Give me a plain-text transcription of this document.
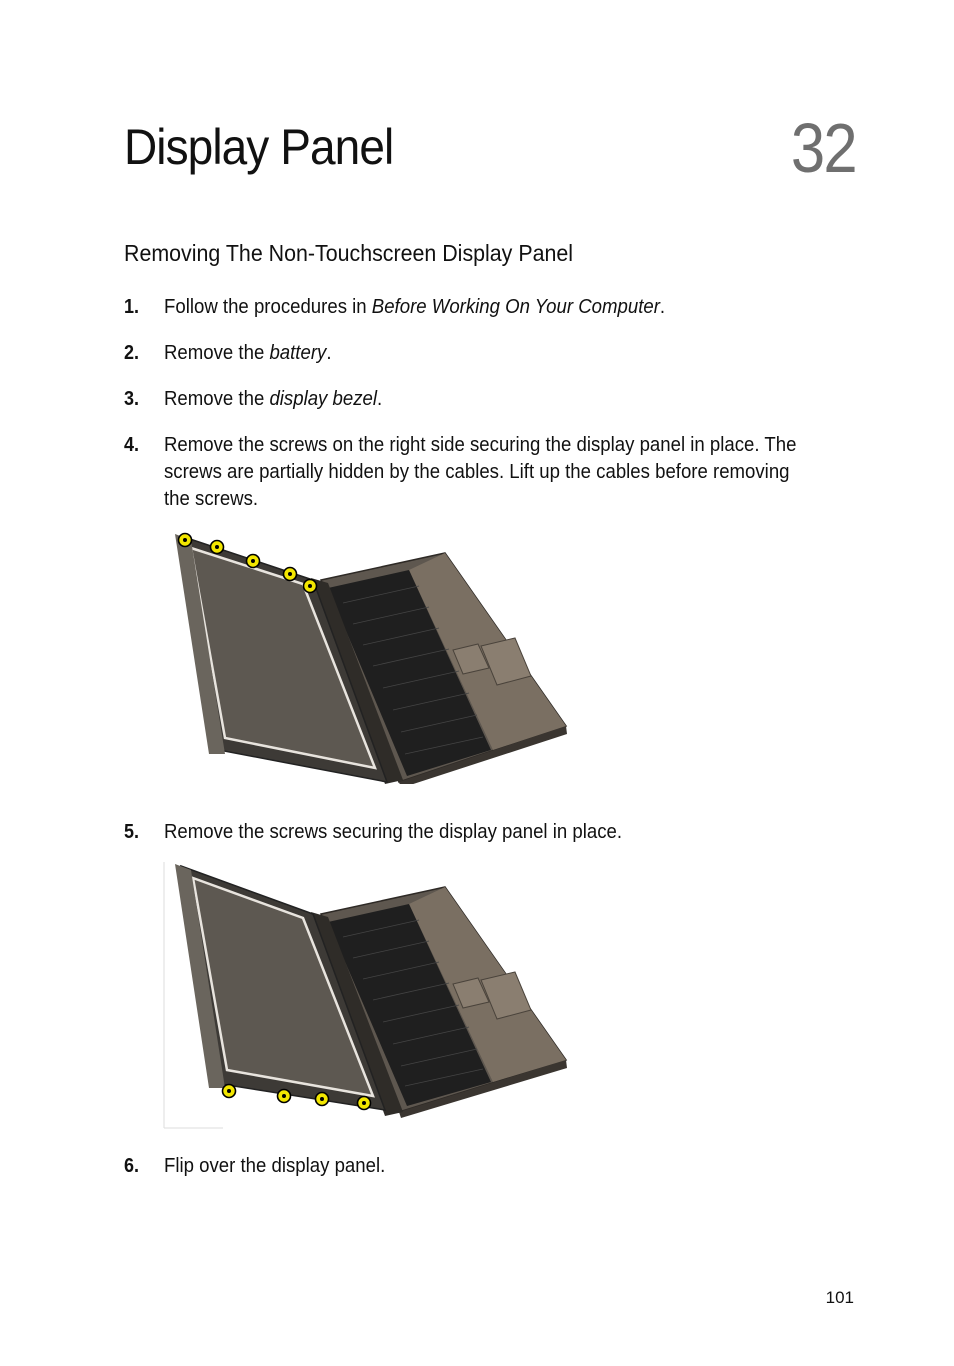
Display Panel	32
Removing The Non-Touchscreen Display Panel
1. Follow the procedures in Before Working On Your Computer.
2. Remove the battery.
3. Remove the display bezel.
4. Remove the screws on the right side securing the display panel in place. The screws are partially hidden by the cables. Lift up the cables before removing the screws.
5. Remove the screws securing the display panel in place.
6. Flip over the display panel.
101
